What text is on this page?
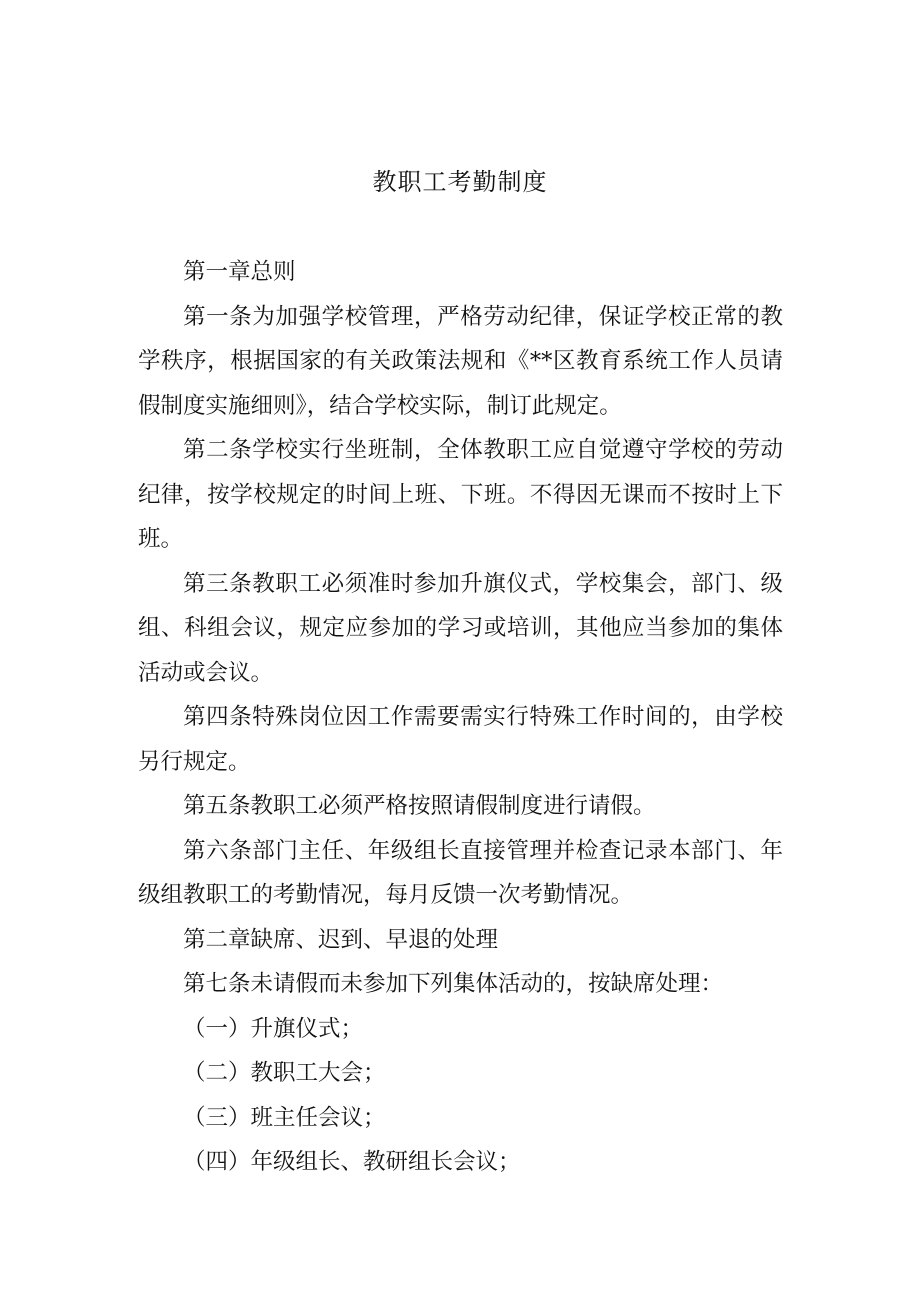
教职工考勤制度

第一章总则

第一条为加强学校管理，严格劳动纪律，保证学校正常的教学秩序，根据国家的有关政策法规和《**区教育系统工作人员请假制度实施细则》，结合学校实际，制订此规定。

第二条学校实行坐班制，全体教职工应自觉遵守学校的劳动纪律，按学校规定的时间上班、下班。不得因无课而不按时上下班。

第三条教职工必须准时参加升旗仪式，学校集会，部门、级组、科组会议，规定应参加的学习或培训，其他应当参加的集体活动或会议。

第四条特殊岗位因工作需要需实行特殊工作时间的，由学校另行规定。

第五条教职工必须严格按照请假制度进行请假。

第六条部门主任、年级组长直接管理并检查记录本部门、年级组教职工的考勤情况，每月反馈一次考勤情况。

第二章缺席、迟到、早退的处理

第七条未请假而未参加下列集体活动的，按缺席处理：

（一）升旗仪式；

（二）教职工大会；

（三）班主任会议；

（四）年级组长、教研组长会议；
